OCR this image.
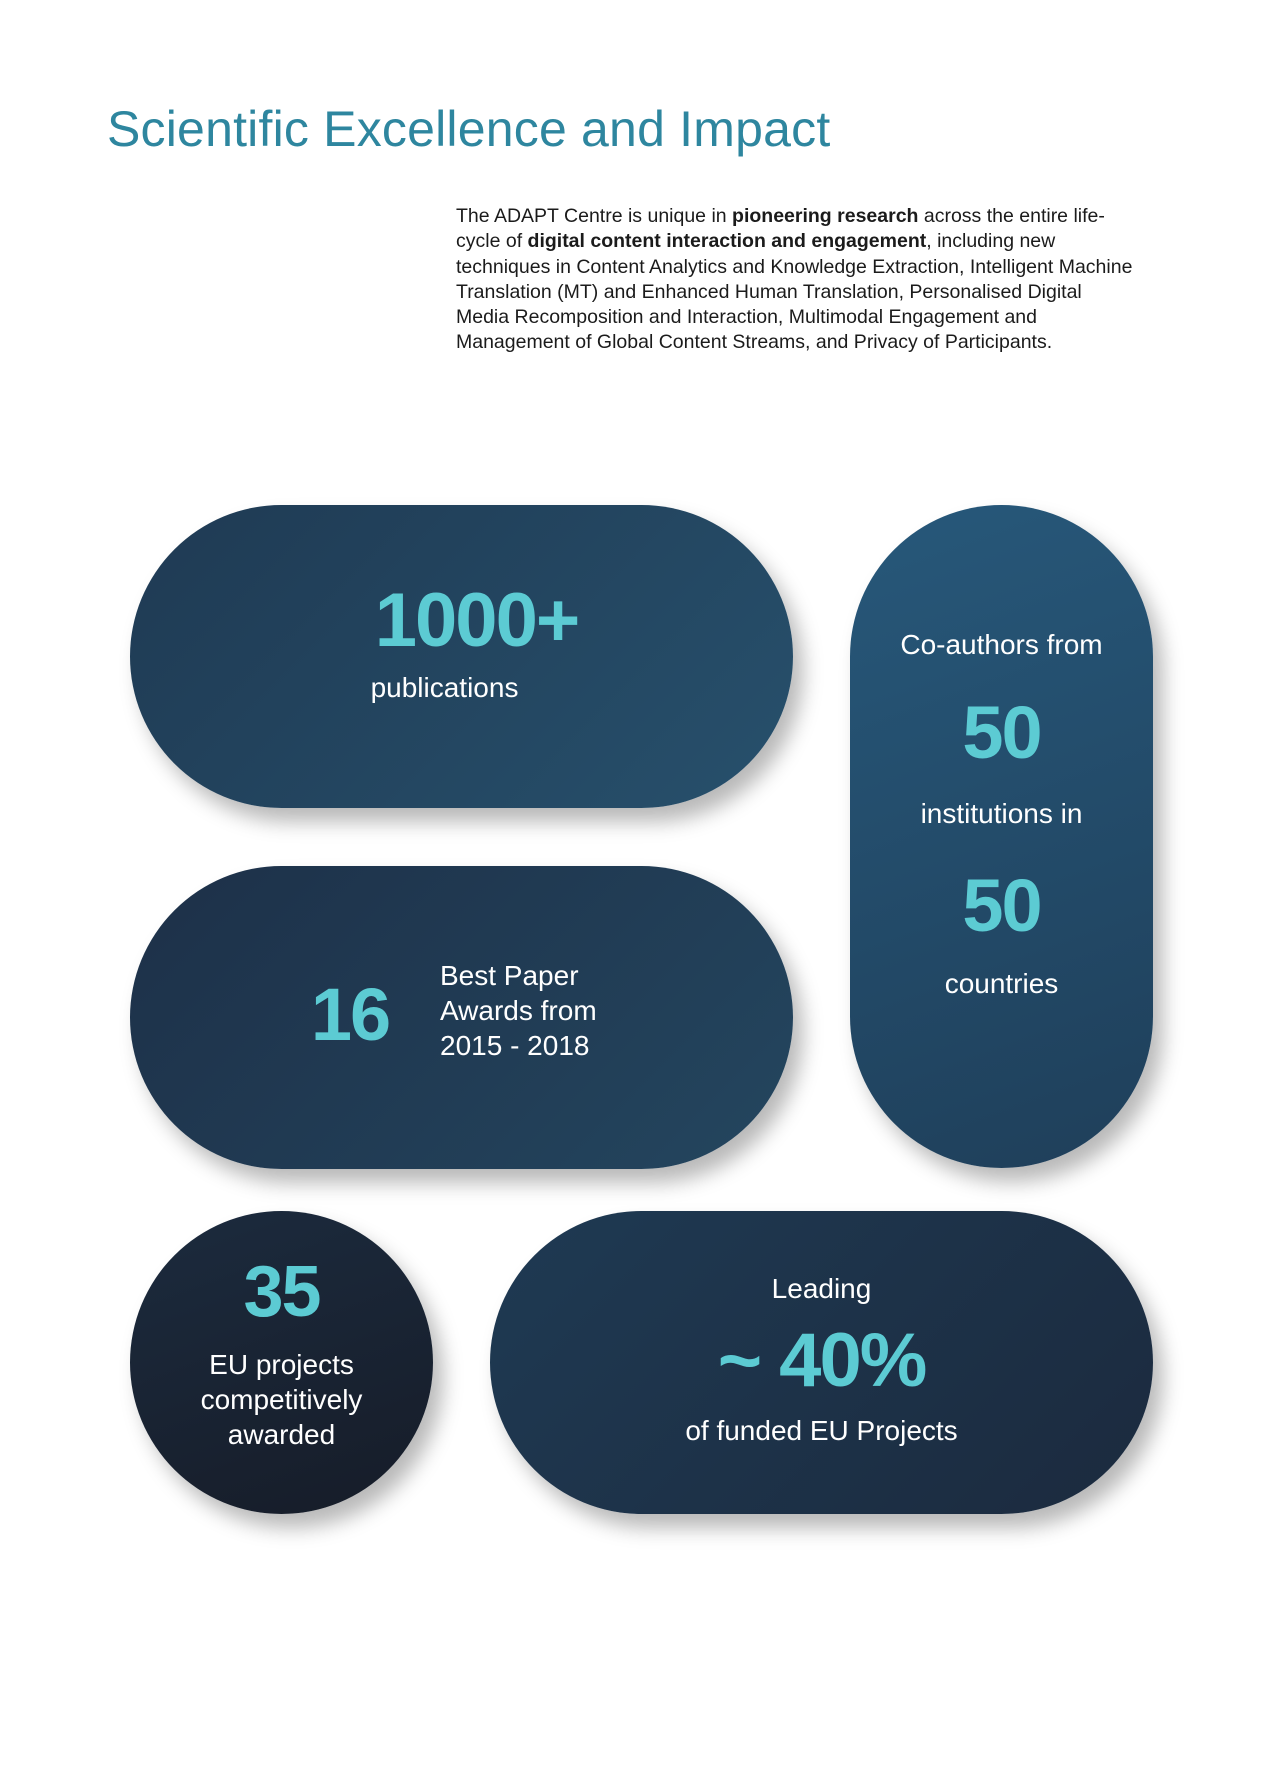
Scientific Excellence and Impact

The ADAPT Centre is unique in pioneering research across the entire life-cycle of digital content interaction and engagement, including new techniques in Content Analytics and Knowledge Extraction, Intelligent Machine Translation (MT) and Enhanced Human Translation, Personalised Digital Media Recomposition and Interaction, Multimodal Engagement and Management of Global Content Streams, and Privacy of Participants.

1000+
publications
Co-authors from
50
institutions in
50
countries
16	Best Paper
Awards from
2015 - 2018
35
EU projects
competitively
awarded
Leading
~ 40%
of funded EU Projects
